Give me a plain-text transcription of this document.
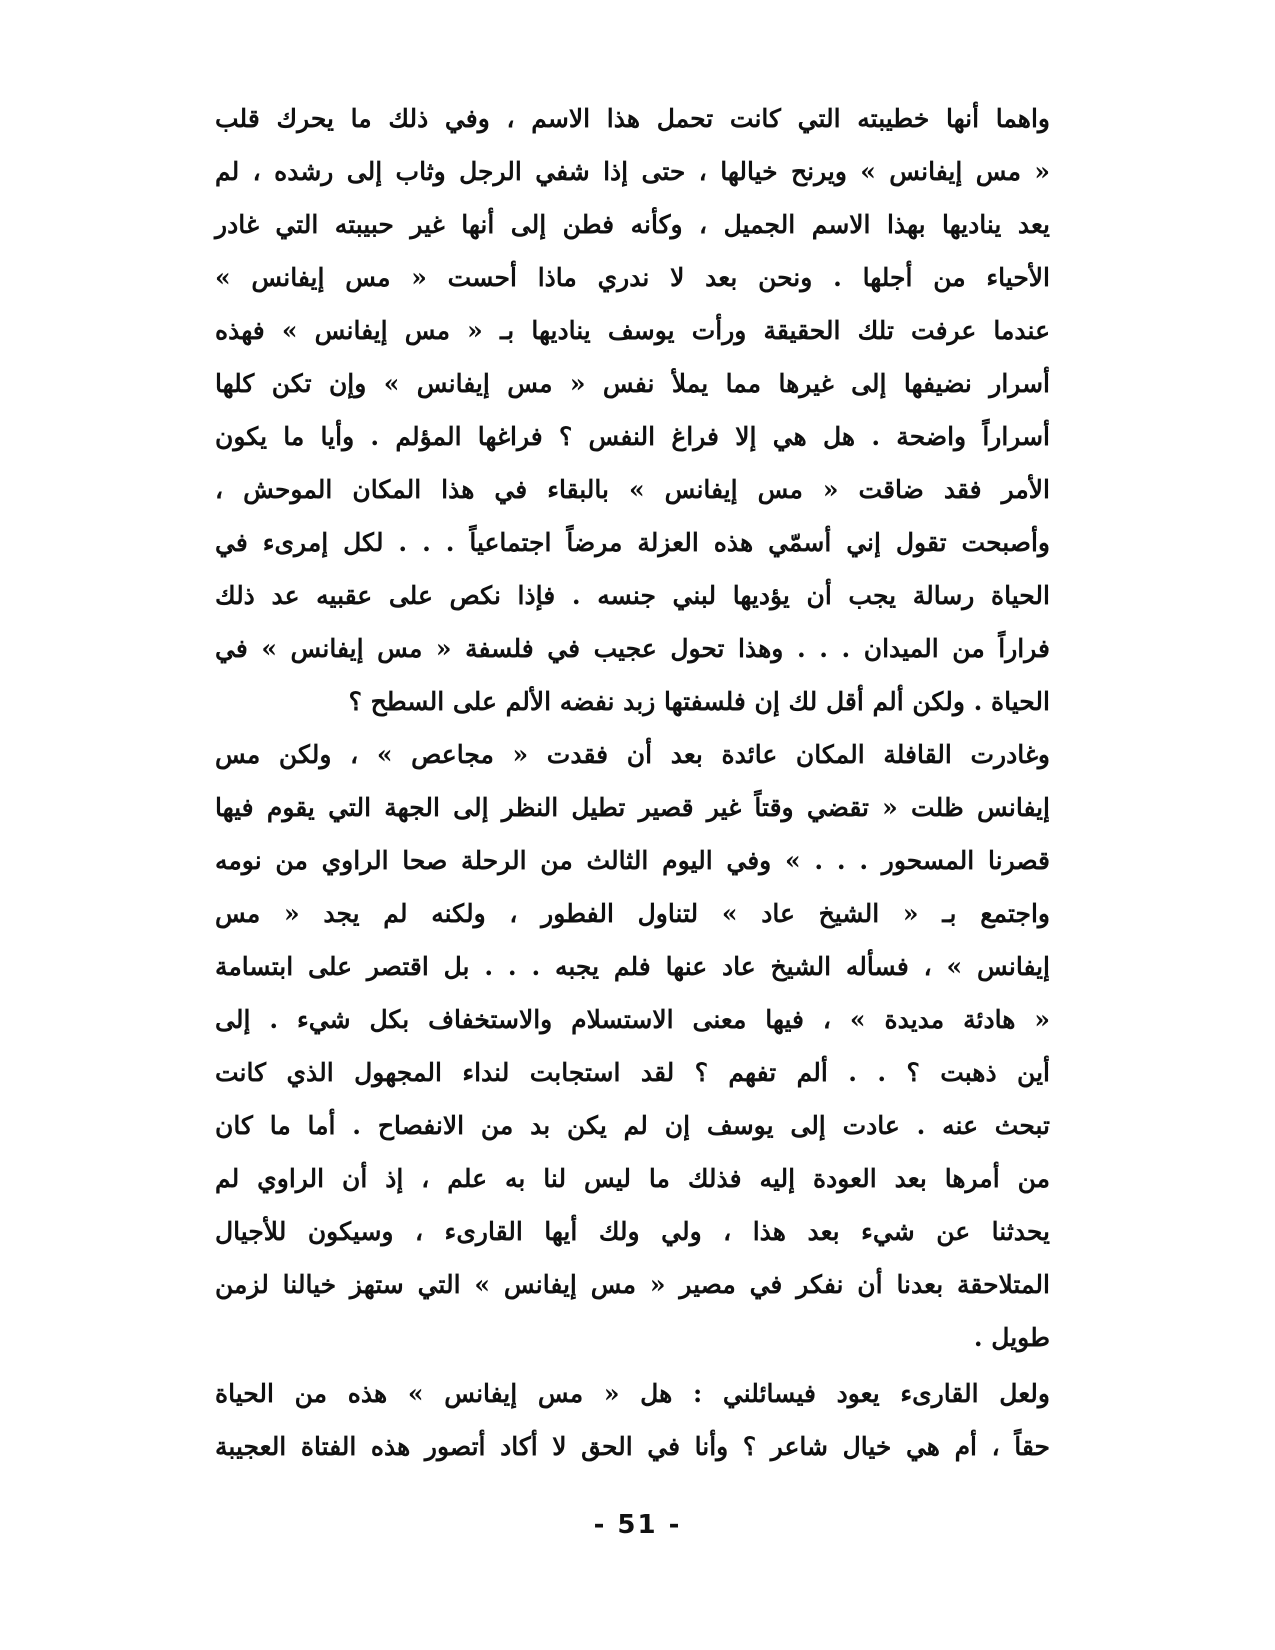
واهما أنها خطيبته التي كانت تحمل هذا الاسم ، وفي ذلك ما يحرك قلب
« مس إيفانس » ويرنح خيالها ، حتى إذا شفي الرجل وثاب إلى رشده ، لم
يعد يناديها بهذا الاسم الجميل ، وكأنه فطن إلى أنها غير حبيبته التي غادر
الأحياء من أجلها . ونحن بعد لا ندري ماذا أحست « مس إيفانس »
عندما عرفت تلك الحقيقة ورأت يوسف يناديها بـ « مس إيفانس » فهذه
أسرار نضيفها إلى غيرها مما يملأ نفس « مس إيفانس » وإن تكن كلها
أسراراً واضحة . هل هي إلا فراغ النفس ؟ فراغها المؤلم . وأيا ما يكون
الأمر فقد ضاقت « مس إيفانس » بالبقاء في هذا المكان الموحش ،
وأصبحت تقول إني أسمّي هذه العزلة مرضاً اجتماعياً . . . لكل إمرىء في
الحياة رسالة يجب أن يؤديها لبني جنسه . فإذا نكص على عقبيه عد ذلك
فراراً من الميدان . . . وهذا تحول عجيب في فلسفة « مس إيفانس » في
الحياة . ولكن ألم أقل لك إن فلسفتها زبد نفضه الألم على السطح ؟
وغادرت القافلة المكان عائدة بعد أن فقدت « مجاعص » ، ولكن مس
إيفانس ظلت « تقضي وقتاً غير قصير تطيل النظر إلى الجهة التي يقوم فيها
قصرنا المسحور . . . » وفي اليوم الثالث من الرحلة صحا الراوي من نومه
واجتمع بـ « الشيخ عاد » لتناول الفطور ، ولكنه لم يجد « مس
إيفانس » ، فسأله الشيخ عاد عنها فلم يجبه . . . بل اقتصر على ابتسامة
« هادئة مديدة » ، فيها معنى الاستسلام والاستخفاف بكل شيء . إلى
أين ذهبت ؟ . . ألم تفهم ؟ لقد استجابت لنداء المجهول الذي كانت
تبحث عنه . عادت إلى يوسف إن لم يكن بد من الانفصاح . أما ما كان
من أمرها بعد العودة إليه فذلك ما ليس لنا به علم ، إذ أن الراوي لم
يحدثنا عن شيء بعد هذا ، ولي ولك أيها القارىء ، وسيكون للأجيال
المتلاحقة بعدنا أن نفكر في مصير « مس إيفانس » التي ستهز خيالنا لزمن
طويل .
ولعل القارىء يعود فيسائلني : هل « مس إيفانس » هذه من الحياة
حقاً ، أم هي خيال شاعر ؟ وأنا في الحق لا أكاد أتصور هذه الفتاة العجيبة
- 51 -
